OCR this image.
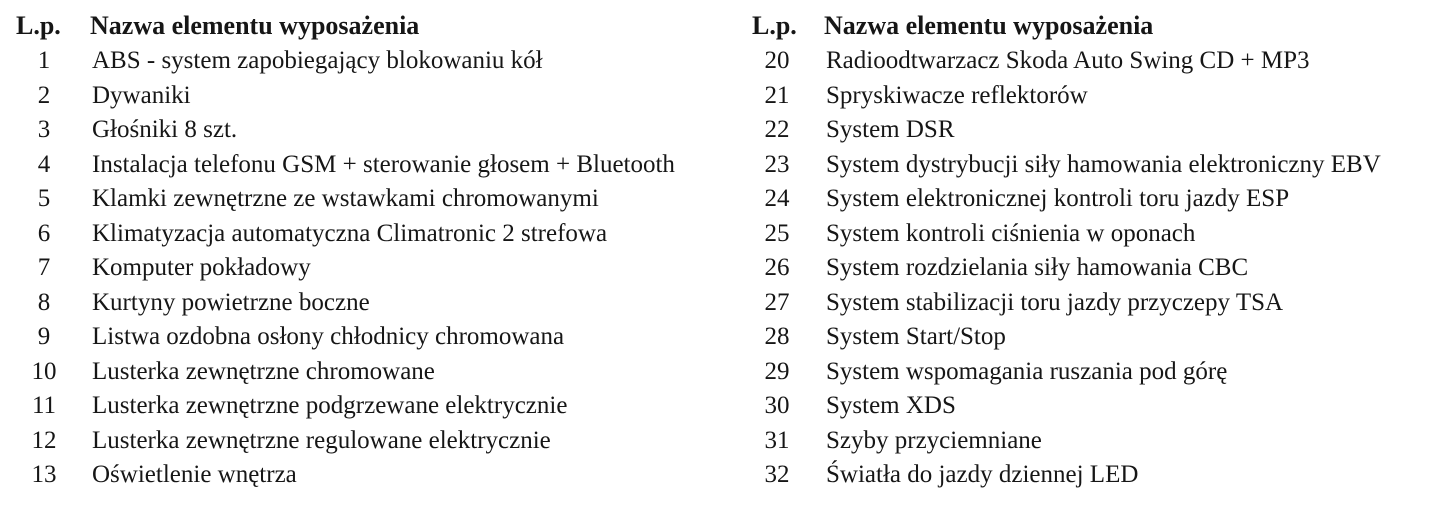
L.p.	Nazwa elementu wyposażenia
1	ABS - system zapobiegający blokowaniu kół
2	Dywaniki
3	Głośniki 8 szt.
4	Instalacja telefonu GSM + sterowanie głosem + Bluetooth
5	Klamki zewnętrzne ze wstawkami chromowanymi
6	Klimatyzacja automatyczna Climatronic 2 strefowa
7	Komputer pokładowy
8	Kurtyny powietrzne boczne
9	Listwa ozdobna osłony chłodnicy chromowana
10	Lusterka zewnętrzne chromowane
11	Lusterka zewnętrzne podgrzewane elektrycznie
12	Lusterka zewnętrzne regulowane elektrycznie
13	Oświetlenie wnętrza
L.p.	Nazwa elementu wyposażenia
20	Radioodtwarzacz Skoda Auto Swing CD + MP3
21	Spryskiwacze reflektorów
22	System DSR
23	System dystrybucji siły hamowania elektroniczny EBV
24	System elektronicznej kontroli toru jazdy ESP
25	System kontroli ciśnienia w oponach
26	System rozdzielania siły hamowania CBC
27	System stabilizacji toru jazdy przyczepy TSA
28	System Start/Stop
29	System wspomagania ruszania pod górę
30	System XDS
31	Szyby przyciemniane
32	Światła do jazdy dziennej LED
